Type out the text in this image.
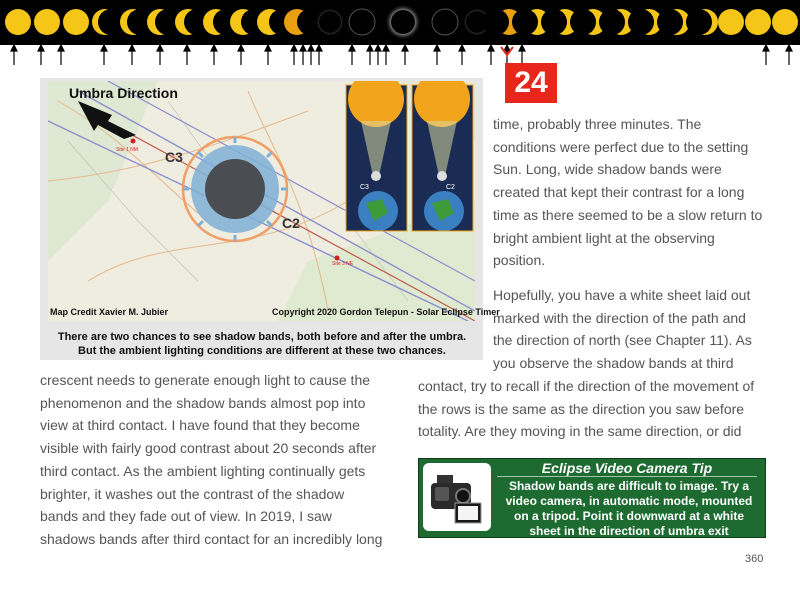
24
Site 1 NM
Site 3 NE
Umbra Direction
C3
C2
C3	C2
Map Credit Xavier M. Jubier	Copyright 2020 Gordon Telepun - Solar Eclipse Timer
There are two chances to see shadow bands, both before and after the umbra.
But the ambient lighting conditions are different at these two chances.
time, probably three minutes. The
conditions were perfect due to the setting
Sun. Long, wide shadow bands were
created that kept their contrast for a long
time as there seemed to be a slow return to
bright ambient light at the observing
position.
Hopefully, you have a white sheet laid out
marked with the direction of the path and
the direction of north (see Chapter 11). As
you observe the shadow bands at third
contact, try to recall if the direction of the movement of
the rows is the same as the direction you saw before
totality. Are they moving in the same direction, or did
crescent needs to generate enough light to cause the
phenomenon and the shadow bands almost pop into
view at third contact. I have found that they become
visible with fairly good contrast about 20 seconds after
third contact. As the ambient lighting continually gets
brighter, it washes out the contrast of the shadow
bands and they fade out of view. In 2019, I saw
shadows bands after third contact for an incredibly long
Eclipse Video Camera Tip
Shadow bands are difficult to image. Try a
video camera, in automatic mode, mounted
on a tripod. Point it downward at a white
sheet in the direction of umbra exit
360
